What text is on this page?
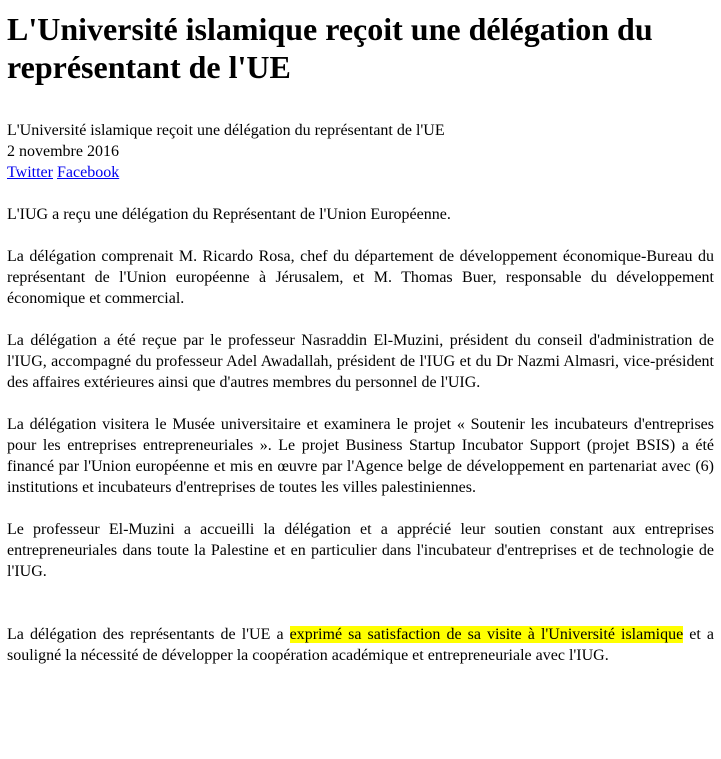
L'Université islamique reçoit une délégation du représentant de l'UE
L'Université islamique reçoit une délégation du représentant de l'UE
2 novembre 2016
Twitter Facebook

L'IUG a reçu une délégation du Représentant de l'Union Européenne.

La délégation comprenait M. Ricardo Rosa, chef du département de développement économique-Bureau du représentant de l'Union européenne à Jérusalem, et M. Thomas Buer, responsable du développement économique et commercial.

La délégation a été reçue par le professeur Nasraddin El-Muzini, président du conseil d'administration de l'IUG, accompagné du professeur Adel Awadallah, président de l'IUG et du Dr Nazmi Almasri, vice-président des affaires extérieures ainsi que d'autres membres du personnel de l'UIG.

La délégation visitera le Musée universitaire et examinera le projet « Soutenir les incubateurs d'entreprises pour les entreprises entrepreneuriales ». Le projet Business Startup Incubator Support (projet BSIS) a été financé par l'Union européenne et mis en œuvre par l'Agence belge de développement en partenariat avec (6) institutions et incubateurs d'entreprises de toutes les villes palestiniennes.

Le professeur El-Muzini a accueilli la délégation et a apprécié leur soutien constant aux entreprises entrepreneuriales dans toute la Palestine et en particulier dans l'incubateur d'entreprises et de technologie de l'IUG.

La délégation des représentants de l'UE a exprimé sa satisfaction de sa visite à l'Université islamique et a souligné la nécessité de développer la coopération académique et entrepreneuriale avec l'IUG.
